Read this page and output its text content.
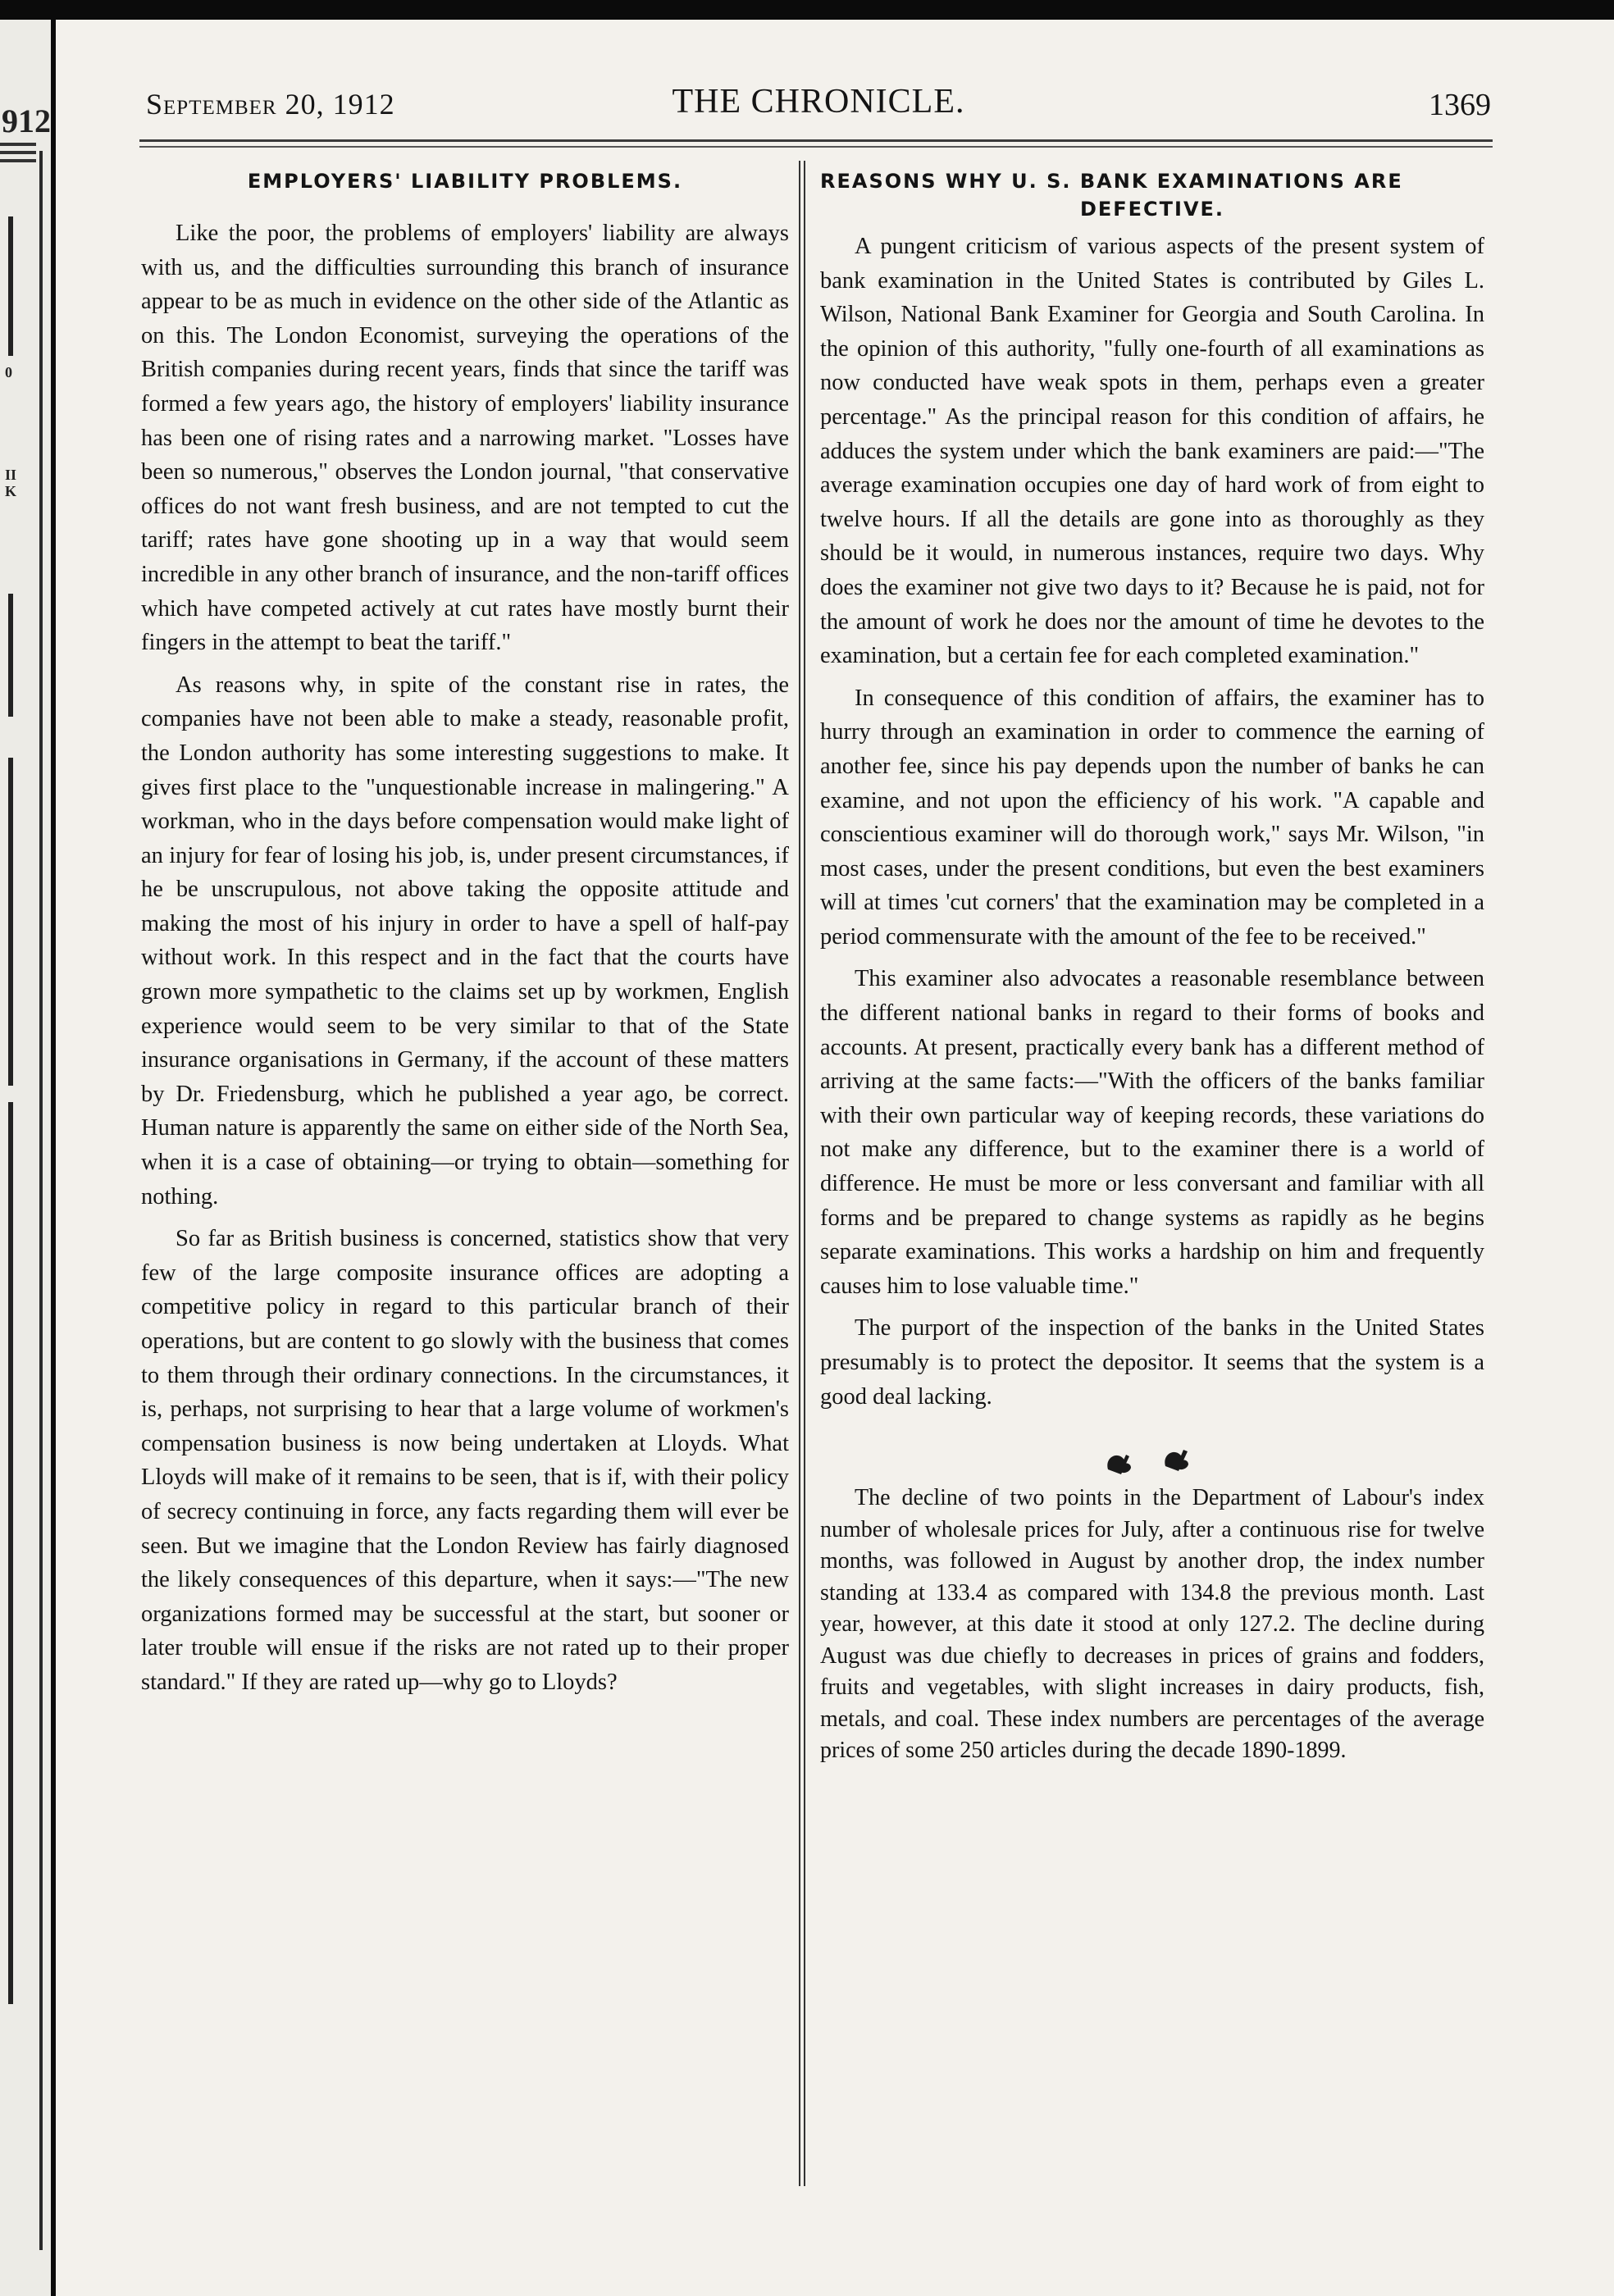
912
0
II
K
September 20, 1912	THE CHRONICLE.	1369
EMPLOYERS' LIABILITY PROBLEMS.

Like the poor, the problems of employers' liability are always with us, and the difficulties surrounding this branch of insurance appear to be as much in evidence on the other side of the Atlantic as on this. The London Economist, surveying the operations of the British companies during recent years, finds that since the tariff was formed a few years ago, the history of employers' liability insurance has been one of rising rates and a narrowing market. "Losses have been so numerous," observes the London journal, "that conservative offices do not want fresh business, and are not tempted to cut the tariff; rates have gone shooting up in a way that would seem incredible in any other branch of insurance, and the non-tariff offices which have competed actively at cut rates have mostly burnt their fingers in the attempt to beat the tariff."

As reasons why, in spite of the constant rise in rates, the companies have not been able to make a steady, reasonable profit, the London authority has some interesting suggestions to make. It gives first place to the "unquestionable increase in malingering." A workman, who in the days before compensation would make light of an injury for fear of losing his job, is, under present circumstances, if he be unscrupulous, not above taking the opposite attitude and making the most of his injury in order to have a spell of half-pay without work. In this respect and in the fact that the courts have grown more sympathetic to the claims set up by workmen, English experience would seem to be very similar to that of the State insurance organisations in Germany, if the account of these matters by Dr. Friedensburg, which he published a year ago, be correct. Human nature is apparently the same on either side of the North Sea, when it is a case of obtaining—or trying to obtain—something for nothing.

So far as British business is concerned, statistics show that very few of the large composite insurance offices are adopting a competitive policy in regard to this particular branch of their operations, but are content to go slowly with the business that comes to them through their ordinary connections. In the circumstances, it is, perhaps, not surprising to hear that a large volume of workmen's compensation business is now being undertaken at Lloyds. What Lloyds will make of it remains to be seen, that is if, with their policy of secrecy continuing in force, any facts regarding them will ever be seen. But we imagine that the London Review has fairly diagnosed the likely consequences of this departure, when it says:—"The new organizations formed may be successful at the start, but sooner or later trouble will ensue if the risks are not rated up to their proper standard." If they are rated up—why go to Lloyds?

REASONS WHY U. S. BANK EXAMINATIONS ARE
DEFECTIVE.

A pungent criticism of various aspects of the present system of bank examination in the United States is contributed by Giles L. Wilson, National Bank Examiner for Georgia and South Carolina. In the opinion of this authority, "fully one-fourth of all examinations as now conducted have weak spots in them, perhaps even a greater percentage." As the principal reason for this condition of affairs, he adduces the system under which the bank examiners are paid:—"The average examination occupies one day of hard work of from eight to twelve hours. If all the details are gone into as thoroughly as they should be it would, in numerous instances, require two days. Why does the examiner not give two days to it? Because he is paid, not for the amount of work he does nor the amount of time he devotes to the examination, but a certain fee for each completed examination."

In consequence of this condition of affairs, the examiner has to hurry through an examination in order to commence the earning of another fee, since his pay depends upon the number of banks he can examine, and not upon the efficiency of his work. "A capable and conscientious examiner will do thorough work," says Mr. Wilson, "in most cases, under the present conditions, but even the best examiners will at times 'cut corners' that the examination may be completed in a period commensurate with the amount of the fee to be received."

This examiner also advocates a reasonable resemblance between the different national banks in regard to their forms of books and accounts. At present, practically every bank has a different method of arriving at the same facts:—"With the officers of the banks familiar with their own particular way of keeping records, these variations do not make any difference, but to the examiner there is a world of difference. He must be more or less conversant and familiar with all forms and be prepared to change systems as rapidly as he begins separate examinations. This works a hardship on him and frequently causes him to lose valuable time."

The purport of the inspection of the banks in the United States presumably is to protect the depositor. It seems that the system is a good deal lacking.

The decline of two points in the Department of Labour's index number of wholesale prices for July, after a continuous rise for twelve months, was followed in August by another drop, the index number standing at 133.4 as compared with 134.8 the previous month. Last year, however, at this date it stood at only 127.2. The decline during August was due chiefly to decreases in prices of grains and fodders, fruits and vegetables, with slight increases in dairy products, fish, metals, and coal. These index numbers are percentages of the average prices of some 250 articles during the decade 1890-1899.
